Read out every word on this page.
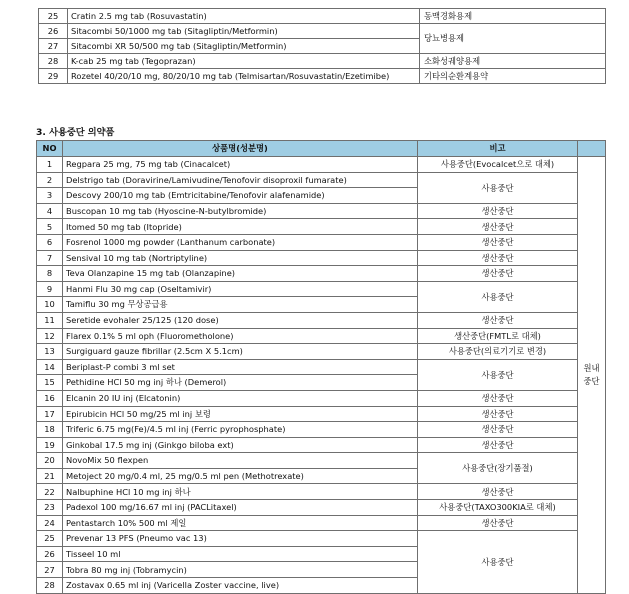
25	Cratin 2.5 mg tab (Rosuvastatin)	동맥경화용제
26	Sitacombi 50/1000 mg tab (Sitagliptin/Metformin)	당뇨병용제
27	Sitacombi XR 50/500 mg tab (Sitagliptin/Metformin)	
28	K-cab 25 mg tab (Tegoprazan)	소화성궤양용제
29	Rozetel 40/20/10 mg, 80/20/10 mg tab (Telmisartan/Rosuvastatin/Ezetimibe)	기타의순환계용약
3. 사용중단 의약품
NO	상품명(성분명)	비고	
1	Regpara 25 mg, 75 mg tab (Cinacalcet)	사용중단(Evocalcet으로 대체)	원내
중단
2	Delstrigo tab (Doravirine/Lamivudine/Tenofovir disoproxil fumarate)	사용중단	
3	Descovy 200/10 mg tab (Emtricitabine/Tenofovir alafenamide)		
4	Buscopan 10 mg tab (Hyoscine-N-butylbromide)	생산중단	
5	Itomed 50 mg tab (Itopride)	생산중단	
6	Fosrenol 1000 mg powder (Lanthanum carbonate)	생산중단	
7	Sensival 10 mg tab (Nortriptyline)	생산중단	
8	Teva Olanzapine 15 mg tab (Olanzapine)	생산중단	
9	Hanmi Flu 30 mg cap (Oseltamivir)	사용중단	
10	Tamiflu 30 mg 무상공급용		
11	Seretide evohaler 25/125 (120 dose)	생산중단	
12	Flarex 0.1% 5 ml oph (Fluorometholone)	생산중단(FMTL로 대체)	
13	Surgiguard gauze fibrillar (2.5cm X 5.1cm)	사용중단(의료기기로 변경)	
14	Beriplast-P combi 3 ml set	사용중단	
15	Pethidine HCl 50 mg inj 하나 (Demerol)		
16	Elcanin 20 IU inj (Elcatonin)	생산중단	
17	Epirubicin HCl 50 mg/25 ml inj 보령	생산중단	
18	Triferic 6.75 mg(Fe)/4.5 ml inj (Ferric pyrophosphate)	생산중단	
19	Ginkobal 17.5 mg inj (Ginkgo biloba ext)	생산중단	
20	NovoMix 50 flexpen	사용중단(장기품절)	
21	Metoject 20 mg/0.4 ml, 25 mg/0.5 ml pen (Methotrexate)		
22	Nalbuphine HCl 10 mg inj 하나	생산중단	
23	Padexol 100 mg/16.67 ml inj (PACLitaxel)	사용중단(TAXO300KIA로 대체)	
24	Pentastarch 10% 500 ml 제일	생산중단	
25	Prevenar 13 PFS (Pneumo vac 13)	사용중단	
26	Tisseel 10 ml		
27	Tobra 80 mg inj (Tobramycin)		
28	Zostavax 0.65 ml inj (Varicella Zoster vaccine, live)		
